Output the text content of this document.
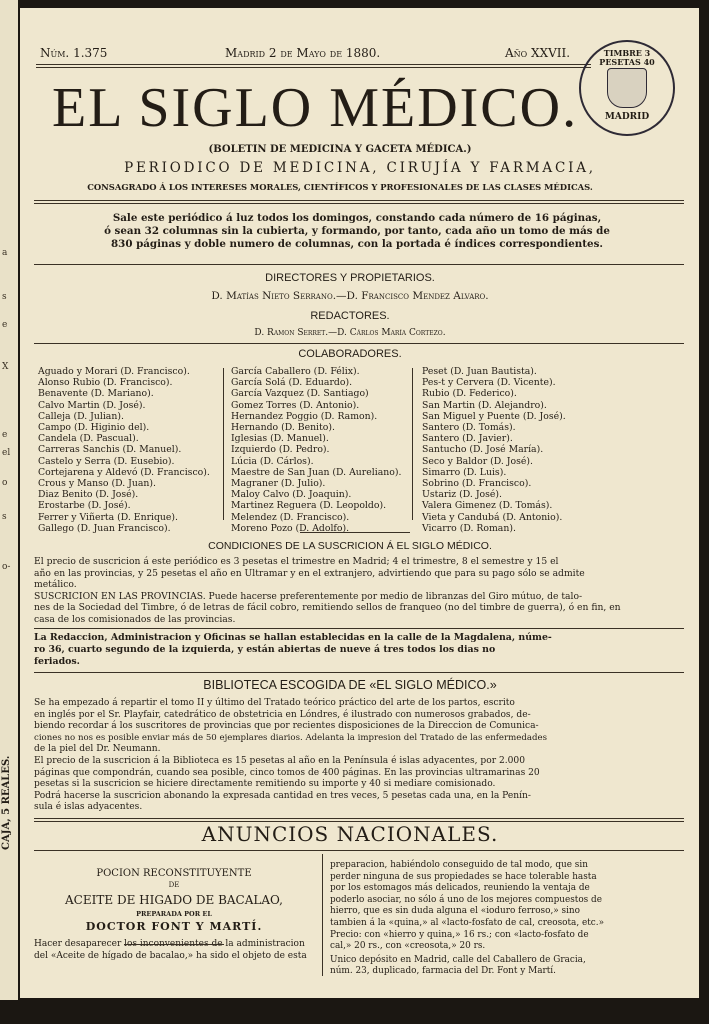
a
s
e
X
e
el
o
s
o-
CAJA, 5 REALES.
Núm. 1.375	Madrid 2 de Mayo de 1880.	Año XXVII.	TIMBRE 3 PESETAS 40
MADRID
EL SIGLO MÉDICO.
(BOLETIN DE MEDICINA Y GACETA MÉDICA.)
PERIODICO DE MEDICINA, CIRUJÍA Y FARMACIA,
CONSAGRADO Á LOS INTERESES MORALES, CIENTÍFICOS Y PROFESIONALES DE LAS CLASES MÉDICAS.
Sale este periódico á luz todos los domingos, constando cada número de 16 páginas,
ó sean 32 columnas sin la cubierta, y formando, por tanto, cada año un tomo de más de
830 páginas y doble numero de columnas, con la portada é índices correspondientes.
DIRECTORES Y PROPIETARIOS.
D. Matías Nieto Serrano.—D. Francisco Mendez Alvaro.
REDACTORES.
D. Ramon Serret.—D. Cárlos María Cortezo.
COLABORADORES.
Aguado y Morari (D. Francisco).
Alonso Rubio (D. Francisco).
Benavente (D. Mariano).
Calvo Martin (D. José).
Calleja (D. Julian).
Campo (D. Higinio del).
Candela (D. Pascual).
Carreras Sanchis (D. Manuel).
Castelo y Serra (D. Eusebio).
Cortejarena y Aldevó (D. Francisco).
Crous y Manso (D. Juan).
Diaz Benito (D. José).
Erostarbe (D. José).
Ferrer y Viñerta (D. Enrique).
Gallego (D. Juan Francisco).
García Caballero (D. Félix).
García Solá (D. Eduardo).
García Vazquez (D. Santiago)
Gomez Torres (D. Antonio).
Hernandez Poggio (D. Ramon).
Hernando (D. Benito).
Iglesias (D. Manuel).
Izquierdo (D. Pedro).
Lúcia (D. Cárlos).
Maestre de San Juan (D. Aureliano).
Magraner (D. Julio).
Maloy Calvo (D. Joaquin).
Martinez Reguera (D. Leopoldo).
Melendez (D. Francisco).
Moreno Pozo (D. Adolfo).
Peset (D. Juan Bautista).
Pes-t y Cervera (D. Vicente).
Rubio (D. Federico).
San Martin (D. Alejandro).
San Miguel y Puente (D. José).
Santero (D. Tomás).
Santero (D. Javier).
Santucho (D. José María).
Seco y Baldor (D. José).
Simarro (D. Luis).
Sobrino (D. Francisco).
Ustariz (D. José).
Valera Gimenez (D. Tomás).
Vieta y Candubá (D. Antonio).
Vicarro (D. Roman).
CONDICIONES DE LA SUSCRICION Á EL SIGLO MÉDICO.
El precio de suscricion á este periódico es 3 pesetas el trimestre en Madrid; 4 el trimestre, 8 el semestre y 15 el
año en las provincias, y 25 pesetas el año en Ultramar y en el extranjero, advirtiendo que para su pago sólo se admite
metálico.
SUSCRICION EN LAS PROVINCIAS. Puede hacerse preferentemente por medio de libranzas del Giro mútuo, de talo-
nes de la Sociedad del Timbre, ó de letras de fácil cobro, remitiendo sellos de franqueo (no del timbre de guerra), ó en fin, en
casa de los comisionados de las provincias.
La Redaccion, Administracion y Oficinas se hallan establecidas en la calle de la Magdalena, núme-
ro 36, cuarto segundo de la izquierda, y están abiertas de nueve á tres todos los dias no
feriados.
BIBLIOTECA ESCOGIDA DE «EL SIGLO MÉDICO.»
Se ha empezado á repartir el tomo II y último del Tratado teórico práctico del arte de los partos, escrito
en inglés por el Sr. Playfair, catedrático de obstetricia en Lóndres, é ilustrado con numerosos grabados, de-
biendo recordar á los suscritores de provincias que por recientes disposiciones de la Direccion de Comunica-
ciones no nos es posible enviar más de 50 ejemplares diarios. Adelanta la impresion del Tratado de las enfermedades
de la piel del Dr. Neumann.
El precio de la suscricion á la Biblioteca es 15 pesetas al año en la Península é islas adyacentes, por 2.000
páginas que compondrán, cuando sea posible, cinco tomos de 400 páginas. En las provincias ultramarinas 20
pesetas si la suscricion se hiciere directamente remitiendo su importe y 40 si mediare comisionado.
Podrá hacerse la suscricion abonando la expresada cantidad en tres veces, 5 pesetas cada una, en la Penín-
sula é islas adyacentes.
ANUNCIOS NACIONALES.
POCION RECONSTITUYENTE
DE
ACEITE DE HIGADO DE BACALAO,
PREPARADA POR EL
DOCTOR FONT Y MARTÍ.
Hacer desaparecer los inconvenientes de la administracion
del «Aceite de hígado de bacalao,» ha sido el objeto de esta
preparacion, habiéndolo conseguido de tal modo, que sin
perder ninguna de sus propiedades se hace tolerable hasta
por los estomagos más delicados, reuniendo la ventaja de
poderlo asociar, no sólo á uno de los mejores compuestos de
hierro, que es sin duda alguna el «ioduro ferroso,» sino
tambien á la «quina,» al «lacto-fosfato de cal, creosota, etc.»
Precio: con «hierro y quina,» 16 rs.; con «lacto-fosfato de
cal,» 20 rs., con «creosota,» 20 rs.
Unico depósito en Madrid, calle del Caballero de Gracia,
núm. 23, duplicado, farmacia del Dr. Font y Martí.
